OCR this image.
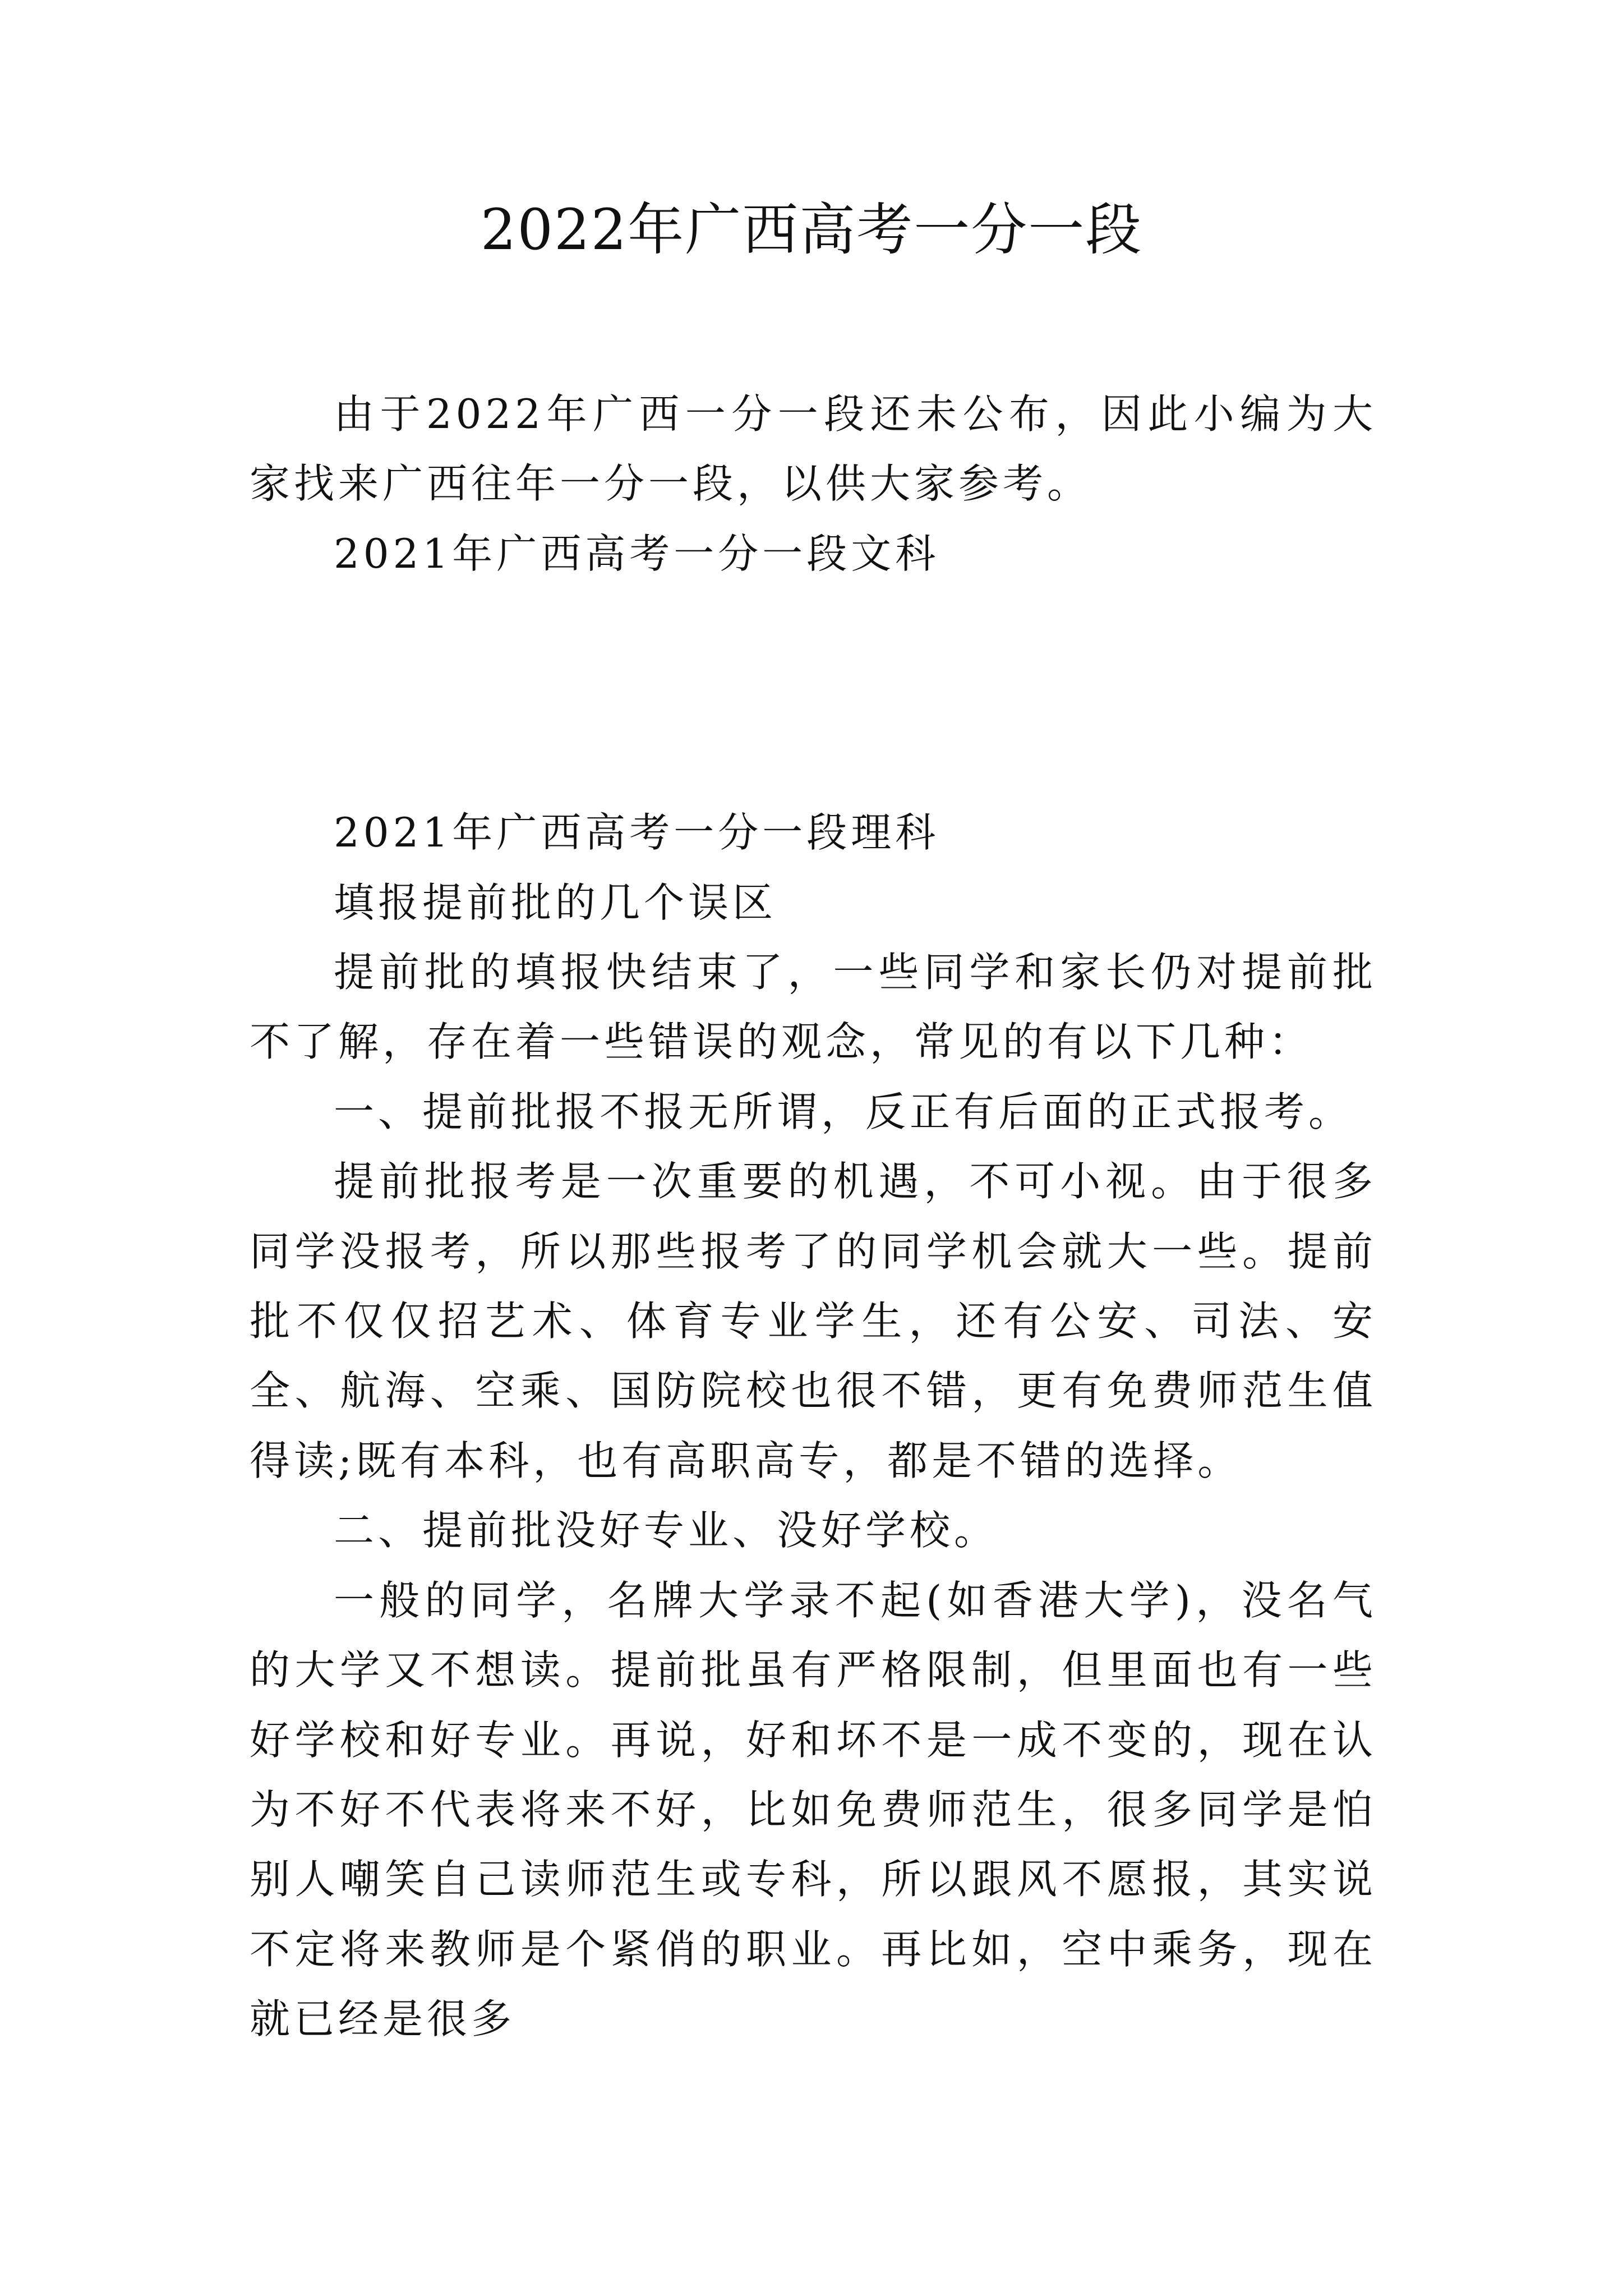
2022年广西高考一分一段

由于2022年广西一分一段还未公布，因此小编为大家找来广西往年一分一段，以供大家参考。

2021年广西高考一分一段文科

2021年广西高考一分一段理科

填报提前批的几个误区

提前批的填报快结束了，一些同学和家长仍对提前批不了解，存在着一些错误的观念，常见的有以下几种：

一、提前批报不报无所谓，反正有后面的正式报考。

提前批报考是一次重要的机遇，不可小视。由于很多同学没报考，所以那些报考了的同学机会就大一些。提前批不仅仅招艺术、体育专业学生，还有公安、司法、安全、航海、空乘、国防院校也很不错，更有免费师范生值得读;既有本科，也有高职高专，都是不错的选择。

二、提前批没好专业、没好学校。

一般的同学，名牌大学录不起(如香港大学)，没名气的大学又不想读。提前批虽有严格限制，但里面也有一些好学校和好专业。再说，好和坏不是一成不变的，现在认为不好不代表将来不好，比如免费师范生，很多同学是怕别人嘲笑自己读师范生或专科，所以跟风不愿报，其实说不定将来教师是个紧俏的职业。再比如，空中乘务，现在就已经是很多
